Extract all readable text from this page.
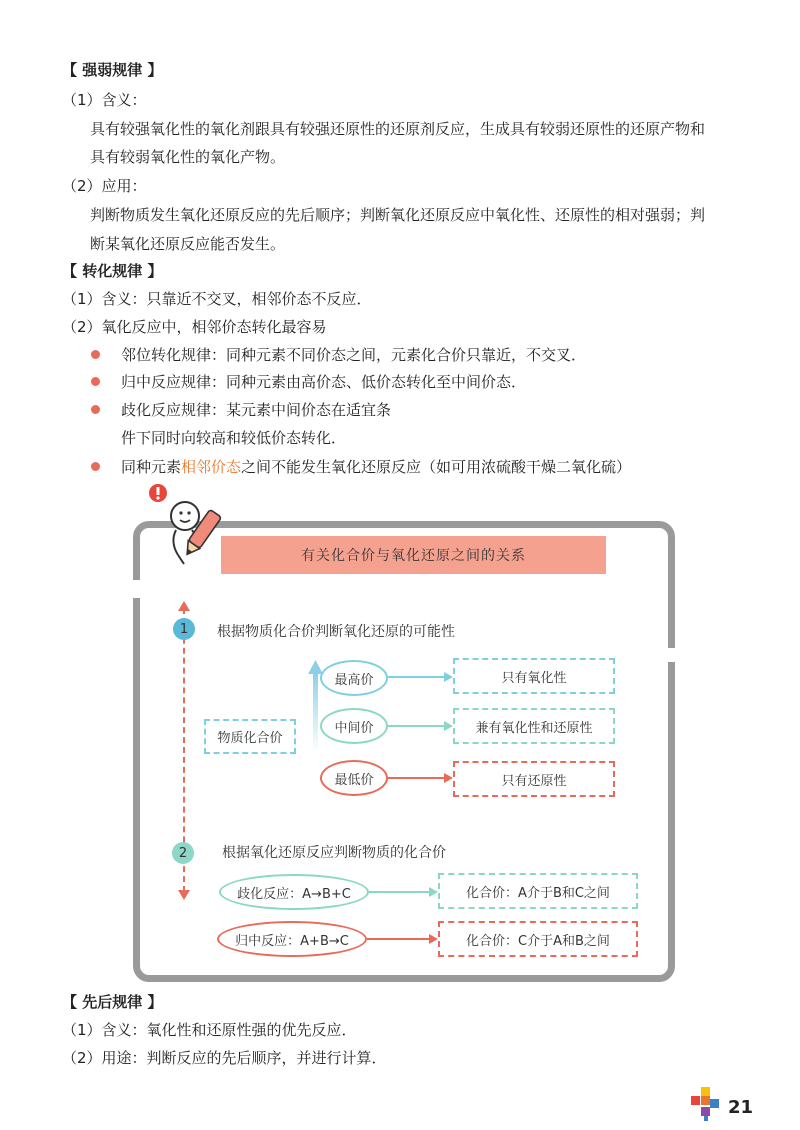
【 强弱规律 】
（1）含义：
具有较强氧化性的氧化剂跟具有较强还原性的还原剂反应，生成具有较弱还原性的还原产物和
具有较弱氧化性的氧化产物。
（2）应用：
判断物质发生氧化还原反应的先后顺序；判断氧化还原反应中氧化性、还原性的相对强弱；判
断某氧化还原反应能否发生。
【 转化规律 】
（1）含义：只靠近不交叉，相邻价态不反应．
（2）氧化反应中，相邻价态转化最容易
邻位转化规律：同种元素不同价态之间，元素化合价只靠近，不交叉．
归中反应规律：同种元素由高价态、低价态转化至中间价态．
歧化反应规律：某元素中间价态在适宜条
件下同时向较高和较低价态转化．
同种元素相邻价态之间不能发生氧化还原反应（如可用浓硫酸干燥二氧化硫）
有关化合价与氧化还原之间的关系
1	根据物质化合价判断氧化还原的可能性
物质化合价
最高价
中间价
最低价
只有氧化性
兼有氧化性和还原性
只有还原性
2	根据氧化还原反应判断物质的化合价
歧化反应：A→B+C
归中反应：A+B→C
化合价：A介于B和C之间
化合价：C介于A和B之间
【 先后规律 】
（1）含义：氧化性和还原性强的优先反应．
（2）用途：判断反应的先后顺序，并进行计算．
21
